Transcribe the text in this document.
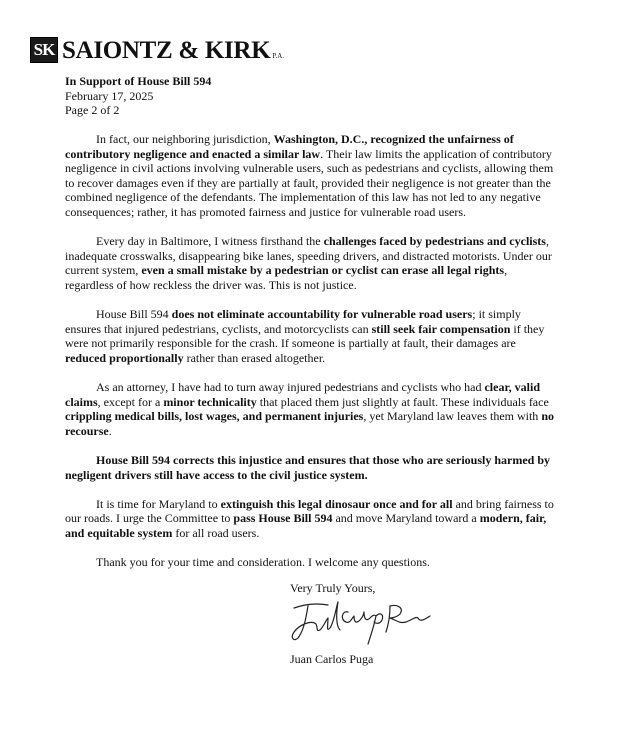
SK SAIONTZ & KIRK P.A.
In Support of House Bill 594
February 17, 2025
Page 2 of 2

In fact, our neighboring jurisdiction, Washington, D.C., recognized the unfairness of contributory negligence and enacted a similar law. Their law limits the application of contributory negligence in civil actions involving vulnerable users, such as pedestrians and cyclists, allowing them to recover damages even if they are partially at fault, provided their negligence is not greater than the combined negligence of the defendants. The implementation of this law has not led to any negative consequences; rather, it has promoted fairness and justice for vulnerable road users.

Every day in Baltimore, I witness firsthand the challenges faced by pedestrians and cyclists, inadequate crosswalks, disappearing bike lanes, speeding drivers, and distracted motorists. Under our current system, even a small mistake by a pedestrian or cyclist can erase all legal rights, regardless of how reckless the driver was. This is not justice.

House Bill 594 does not eliminate accountability for vulnerable road users; it simply ensures that injured pedestrians, cyclists, and motorcyclists can still seek fair compensation if they were not primarily responsible for the crash. If someone is partially at fault, their damages are reduced proportionally rather than erased altogether.

As an attorney, I have had to turn away injured pedestrians and cyclists who had clear, valid claims, except for a minor technicality that placed them just slightly at fault. These individuals face crippling medical bills, lost wages, and permanent injuries, yet Maryland law leaves them with no recourse.

House Bill 594 corrects this injustice and ensures that those who are seriously harmed by negligent drivers still have access to the civil justice system.

It is time for Maryland to extinguish this legal dinosaur once and for all and bring fairness to our roads. I urge the Committee to pass House Bill 594 and move Maryland toward a modern, fair, and equitable system for all road users.

Thank you for your time and consideration. I welcome any questions.

Very Truly Yours,
Juan Carlos Puga
